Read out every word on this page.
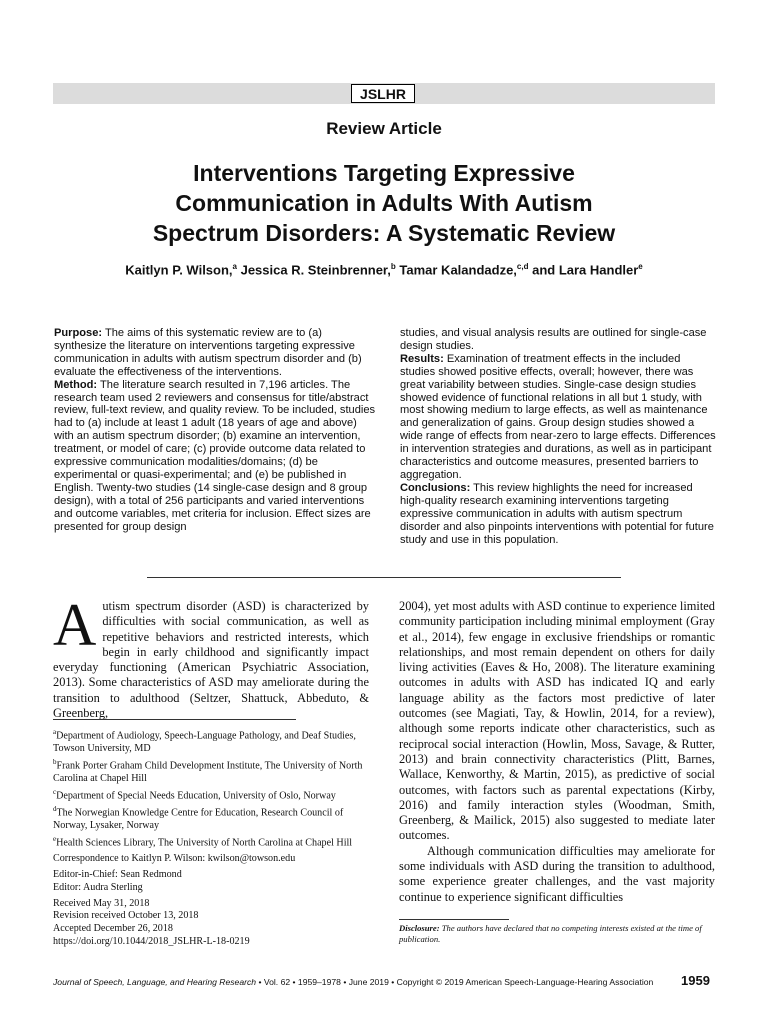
JSLHR
Review Article
Interventions Targeting Expressive
Communication in Adults With Autism
Spectrum Disorders: A Systematic Review
Kaitlyn P. Wilson,$^a$ Jessica R. Steinbrenner,$^b$ Tamar Kalandadze,$^{c,d}$ and Lara Handler$^e$

Purpose: The aims of this systematic review are to (a) synthesize the literature on interventions targeting expressive communication in adults with autism spectrum disorder and (b) evaluate the effectiveness of the interventions.

Method: The literature search resulted in 7,196 articles. The research team used 2 reviewers and consensus for title/abstract review, full-text review, and quality review. To be included, studies had to (a) include at least 1 adult (18 years of age and above) with an autism spectrum disorder; (b) examine an intervention, treatment, or model of care; (c) provide outcome data related to expressive communication modalities/domains; (d) be experimental or quasi-experimental; and (e) be published in English. Twenty-two studies (14 single-case design and 8 group design), with a total of 256 participants and varied interventions and outcome variables, met criteria for inclusion. Effect sizes are presented for group design

studies, and visual analysis results are outlined for single-case design studies.

Results: Examination of treatment effects in the included studies showed positive effects, overall; however, there was great variability between studies. Single-case design studies showed evidence of functional relations in all but 1 study, with most showing medium to large effects, as well as maintenance and generalization of gains. Group design studies showed a wide range of effects from near-zero to large effects. Differences in intervention strategies and durations, as well as in participant characteristics and outcome measures, presented barriers to aggregation.

Conclusions: This review highlights the need for increased high-quality research examining interventions targeting expressive communication in adults with autism spectrum disorder and also pinpoints interventions with potential for future study and use in this population.

Autism spectrum disorder (ASD) is characterized by difficulties with social communication, as well as repetitive behaviors and restricted interests, which begin in early childhood and significantly impact everyday functioning (American Psychiatric Association, 2013). Some characteristics of ASD may ameliorate during the transition to adulthood (Seltzer, Shattuck, Abbeduto, & Greenberg,

$^a$Department of Audiology, Speech-Language Pathology, and Deaf Studies, Towson University, MD
$^b$Frank Porter Graham Child Development Institute, The University of North Carolina at Chapel Hill
$^c$Department of Special Needs Education, University of Oslo, Norway
$^d$The Norwegian Knowledge Centre for Education, Research Council of Norway, Lysaker, Norway
$^e$Health Sciences Library, The University of North Carolina at Chapel Hill
Correspondence to Kaitlyn P. Wilson: kwilson@towson.edu
Editor-in-Chief: Sean Redmond
Editor: Audra Sterling
Received May 31, 2018
Revision received October 13, 2018
Accepted December 26, 2018
https://doi.org/10.1044/2018_JSLHR-L-18-0219

2004), yet most adults with ASD continue to experience limited community participation including minimal employment (Gray et al., 2014), few engage in exclusive friendships or romantic relationships, and most remain dependent on others for daily living activities (Eaves & Ho, 2008). The literature examining outcomes in adults with ASD has indicated IQ and early language ability as the factors most predictive of later outcomes (see Magiati, Tay, & Howlin, 2014, for a review), although some reports indicate other characteristics, such as reciprocal social interaction (Howlin, Moss, Savage, & Rutter, 2013) and brain connectivity characteristics (Plitt, Barnes, Wallace, Kenworthy, & Martin, 2015), as predictive of social outcomes, with factors such as parental expectations (Kirby, 2016) and family interaction styles (Woodman, Smith, Greenberg, & Mailick, 2015) also suggested to mediate later outcomes.

Although communication difficulties may ameliorate for some individuals with ASD during the transition to adulthood, some experience greater challenges, and the vast majority continue to experience significant difficulties

Disclosure: The authors have declared that no competing interests existed at the time of publication.
Journal of Speech, Language, and Hearing Research • Vol. 62 • 1959–1978 • June 2019 • Copyright © 2019 American Speech-Language-Hearing Association	1959
